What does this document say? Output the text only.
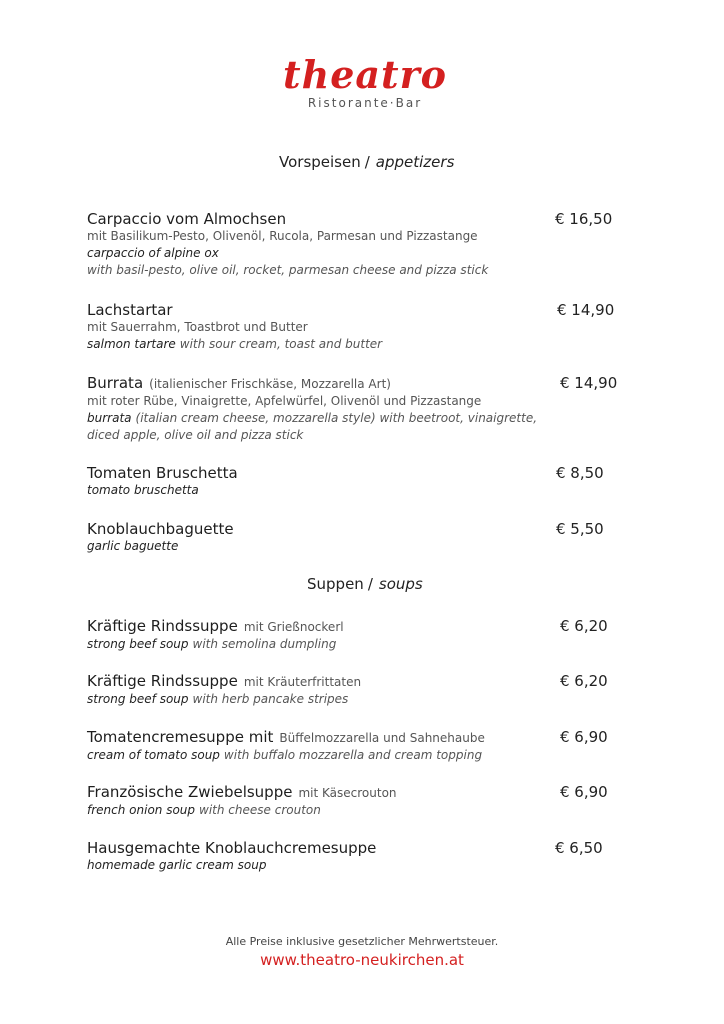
theatro
Ristorante·Bar
Vorspeisen / appetizers
Carpaccio vom Almochsen
mit Basilikum-Pesto, Olivenöl, Rucola, Parmesan und Pizzastange
carpaccio of alpine ox
with basil-pesto, olive oil, rocket, parmesan cheese and pizza stick
€ 16,50
Lachstartar
mit Sauerrahm, Toastbrot und Butter
salmon tartare with sour cream, toast and butter
€ 14,90
Burrata (italienischer Frischkäse, Mozzarella Art)
mit roter Rübe, Vinaigrette, Apfelwürfel, Olivenöl und Pizzastange
burrata (italian cream cheese, mozzarella style) with beetroot, vinaigrette,
diced apple, olive oil and pizza stick
€ 14,90
Tomaten Bruschetta
tomato bruschetta
€ 8,50
Knoblauchbaguette
garlic baguette
€ 5,50
Suppen / soups
Kräftige Rindssuppe mit Grießnockerl
strong beef soup with semolina dumpling
€ 6,20
Kräftige Rindssuppe mit Kräuterfrittaten
strong beef soup with herb pancake stripes
€ 6,20
Tomatencremesuppe mit Büffelmozzarella und Sahnehaube
cream of tomato soup with buffalo mozzarella and cream topping
€ 6,90
Französische Zwiebelsuppe mit Käsecrouton
french onion soup with cheese crouton
€ 6,90
Hausgemachte Knoblauchcremesuppe
homemade garlic cream soup
€ 6,50
Alle Preise inklusive gesetzlicher Mehrwertsteuer.
www.theatro-neukirchen.at
